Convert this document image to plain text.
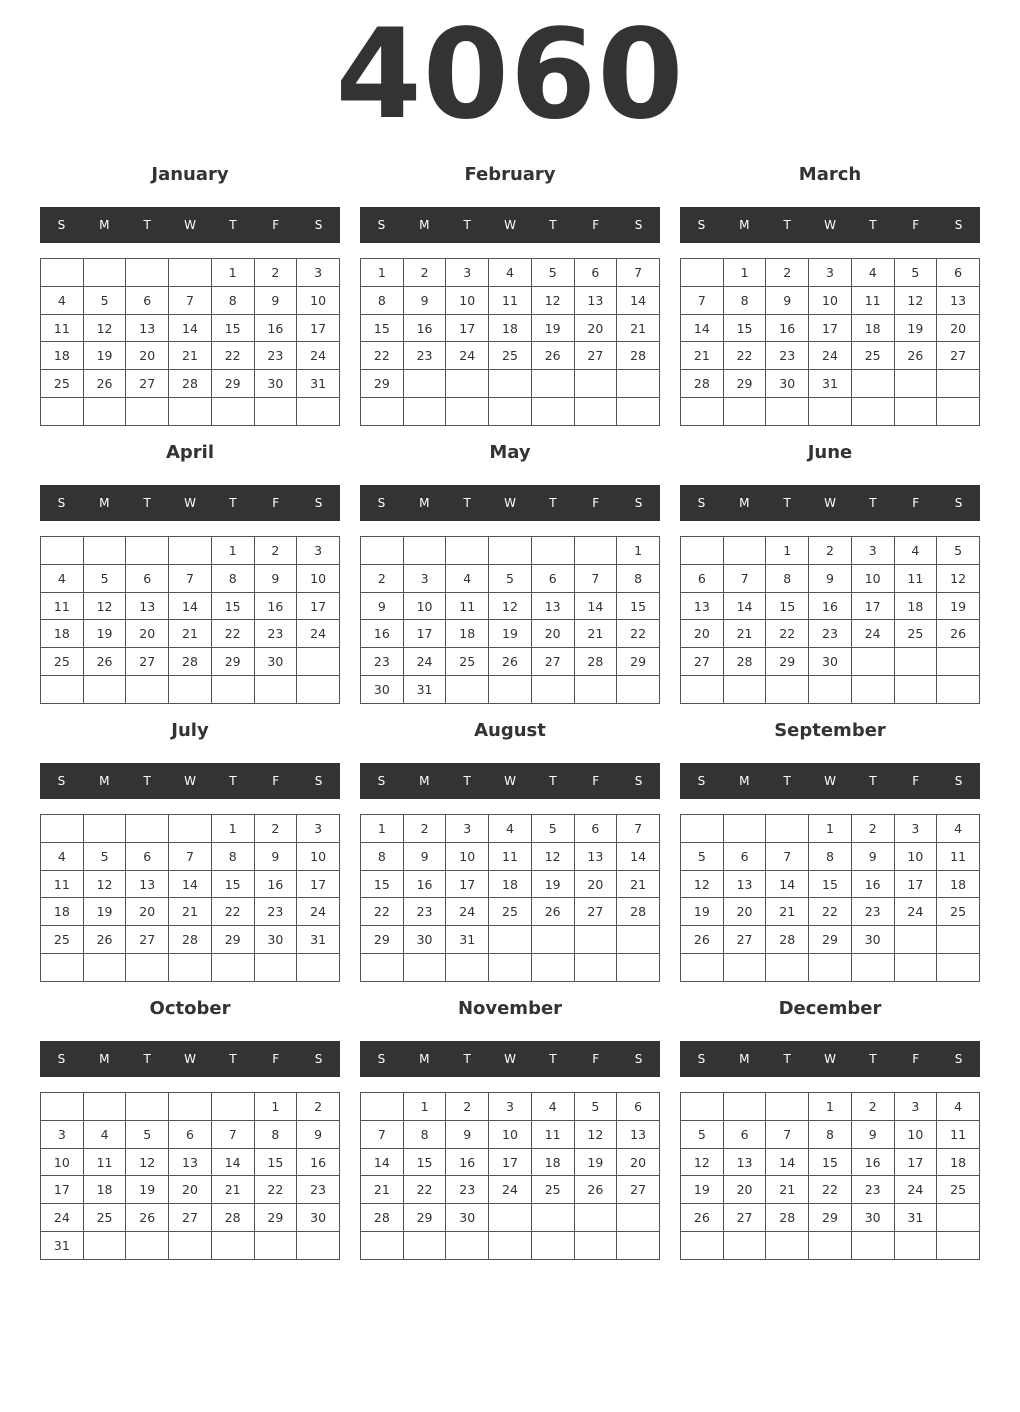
4060
January
S	M	T	W	T	F	S
				1	2	3
4	5	6	7	8	9	10
11	12	13	14	15	16	17
18	19	20	21	22	23	24
25	26	27	28	29	30	31

February
S	M	T	W	T	F	S
1	2	3	4	5	6	7
8	9	10	11	12	13	14
15	16	17	18	19	20	21
22	23	24	25	26	27	28
29						

March
S	M	T	W	T	F	S
	1	2	3	4	5	6
7	8	9	10	11	12	13
14	15	16	17	18	19	20
21	22	23	24	25	26	27
28	29	30	31			

April
S	M	T	W	T	F	S
				1	2	3
4	5	6	7	8	9	10
11	12	13	14	15	16	17
18	19	20	21	22	23	24
25	26	27	28	29	30	

May
S	M	T	W	T	F	S
						1
2	3	4	5	6	7	8
9	10	11	12	13	14	15
16	17	18	19	20	21	22
23	24	25	26	27	28	29
30	31					
June
S	M	T	W	T	F	S
		1	2	3	4	5
6	7	8	9	10	11	12
13	14	15	16	17	18	19
20	21	22	23	24	25	26
27	28	29	30			

July
S	M	T	W	T	F	S
				1	2	3
4	5	6	7	8	9	10
11	12	13	14	15	16	17
18	19	20	21	22	23	24
25	26	27	28	29	30	31

August
S	M	T	W	T	F	S
1	2	3	4	5	6	7
8	9	10	11	12	13	14
15	16	17	18	19	20	21
22	23	24	25	26	27	28
29	30	31				

September
S	M	T	W	T	F	S
			1	2	3	4
5	6	7	8	9	10	11
12	13	14	15	16	17	18
19	20	21	22	23	24	25
26	27	28	29	30		

October
S	M	T	W	T	F	S
					1	2
3	4	5	6	7	8	9
10	11	12	13	14	15	16
17	18	19	20	21	22	23
24	25	26	27	28	29	30
31						
November
S	M	T	W	T	F	S
	1	2	3	4	5	6
7	8	9	10	11	12	13
14	15	16	17	18	19	20
21	22	23	24	25	26	27
28	29	30				

December
S	M	T	W	T	F	S
			1	2	3	4
5	6	7	8	9	10	11
12	13	14	15	16	17	18
19	20	21	22	23	24	25
26	27	28	29	30	31	
